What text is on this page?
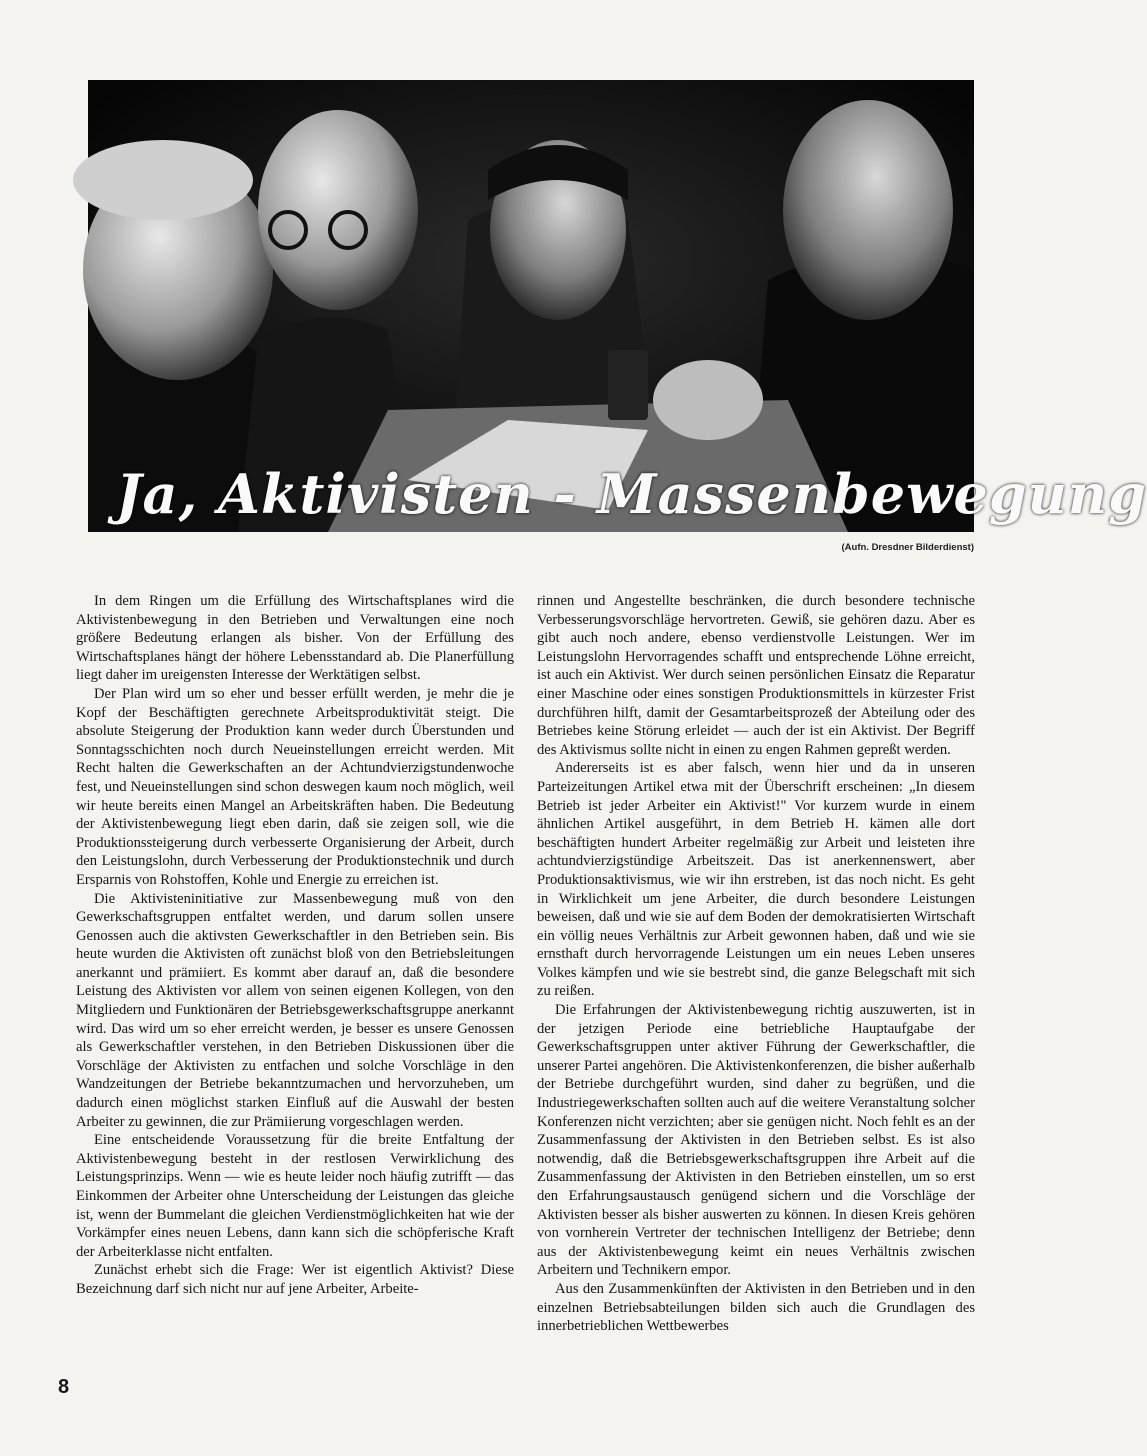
Ja, Aktivisten - Massenbewegung
(Aufn. Dresdner Bilderdienst)

In dem Ringen um die Erfüllung des Wirtschaftsplanes wird die Aktivistenbewegung in den Betrieben und Verwaltungen eine noch größere Bedeutung erlangen als bisher. Von der Erfüllung des Wirtschaftsplanes hängt der höhere Lebensstandard ab. Die Planerfüllung liegt daher im ureigensten Interesse der Werktätigen selbst.

Der Plan wird um so eher und besser erfüllt werden, je mehr die je Kopf der Beschäftigten gerechnete Arbeitsproduktivität steigt. Die absolute Steigerung der Produktion kann weder durch Überstunden und Sonntagsschichten noch durch Neueinstellungen erreicht werden. Mit Recht halten die Gewerkschaften an der Achtundvierzigstundenwoche fest, und Neueinstellungen sind schon deswegen kaum noch möglich, weil wir heute bereits einen Mangel an Arbeitskräften haben. Die Bedeutung der Aktivistenbewegung liegt eben darin, daß sie zeigen soll, wie die Produktionssteigerung durch verbesserte Organisierung der Arbeit, durch den Leistungslohn, durch Verbesserung der Produktionstechnik und durch Ersparnis von Rohstoffen, Kohle und Energie zu erreichen ist.

Die Aktivisteninitiative zur Massenbewegung muß von den Gewerkschaftsgruppen entfaltet werden, und darum sollen unsere Genossen auch die aktivsten Gewerkschaftler in den Betrieben sein. Bis heute wurden die Aktivisten oft zunächst bloß von den Betriebsleitungen anerkannt und prämiiert. Es kommt aber darauf an, daß die besondere Leistung des Aktivisten vor allem von seinen eigenen Kollegen, von den Mitgliedern und Funktionären der Betriebsgewerkschaftsgruppe anerkannt wird. Das wird um so eher erreicht werden, je besser es unsere Genossen als Gewerkschaftler verstehen, in den Betrieben Diskussionen über die Vorschläge der Aktivisten zu entfachen und solche Vorschläge in den Wandzeitungen der Betriebe bekanntzumachen und hervorzuheben, um dadurch einen möglichst starken Einfluß auf die Auswahl der besten Arbeiter zu gewinnen, die zur Prämiierung vorgeschlagen werden.

Eine entscheidende Voraussetzung für die breite Entfaltung der Aktivistenbewegung besteht in der restlosen Verwirklichung des Leistungsprinzips. Wenn — wie es heute leider noch häufig zutrifft — das Einkommen der Arbeiter ohne Unterscheidung der Leistungen das gleiche ist, wenn der Bummelant die gleichen Verdienstmöglichkeiten hat wie der Vorkämpfer eines neuen Lebens, dann kann sich die schöpferische Kraft der Arbeiterklasse nicht entfalten.

Zunächst erhebt sich die Frage: Wer ist eigentlich Aktivist? Diese Bezeichnung darf sich nicht nur auf jene Arbeiter, Arbeite-

rinnen und Angestellte beschränken, die durch besondere technische Verbesserungsvorschläge hervortreten. Gewiß, sie gehören dazu. Aber es gibt auch noch andere, ebenso verdienstvolle Leistungen. Wer im Leistungslohn Hervorragendes schafft und entsprechende Löhne erreicht, ist auch ein Aktivist. Wer durch seinen persönlichen Einsatz die Reparatur einer Maschine oder eines sonstigen Produktionsmittels in kürzester Frist durchführen hilft, damit der Gesamtarbeitsprozeß der Abteilung oder des Betriebes keine Störung erleidet — auch der ist ein Aktivist. Der Begriff des Aktivismus sollte nicht in einen zu engen Rahmen gepreßt werden.

Andererseits ist es aber falsch, wenn hier und da in unseren Parteizeitungen Artikel etwa mit der Überschrift erscheinen: „In diesem Betrieb ist jeder Arbeiter ein Aktivist!" Vor kurzem wurde in einem ähnlichen Artikel ausgeführt, in dem Betrieb H. kämen alle dort beschäftigten hundert Arbeiter regelmäßig zur Arbeit und leisteten ihre achtundvierzigstündige Arbeitszeit. Das ist anerkennenswert, aber Produktionsaktivismus, wie wir ihn erstreben, ist das noch nicht. Es geht in Wirklichkeit um jene Arbeiter, die durch besondere Leistungen beweisen, daß und wie sie auf dem Boden der demokratisierten Wirtschaft ein völlig neues Verhältnis zur Arbeit gewonnen haben, daß und wie sie ernsthaft durch hervorragende Leistungen um ein neues Leben unseres Volkes kämpfen und wie sie bestrebt sind, die ganze Belegschaft mit sich zu reißen.

Die Erfahrungen der Aktivistenbewegung richtig auszuwerten, ist in der jetzigen Periode eine betriebliche Hauptaufgabe der Gewerkschaftsgruppen unter aktiver Führung der Gewerkschaftler, die unserer Partei angehören. Die Aktivistenkonferenzen, die bisher außerhalb der Betriebe durchgeführt wurden, sind daher zu begrüßen, und die Industriegewerkschaften sollten auch auf die weitere Veranstaltung solcher Konferenzen nicht verzichten; aber sie genügen nicht. Noch fehlt es an der Zusammenfassung der Aktivisten in den Betrieben selbst. Es ist also notwendig, daß die Betriebsgewerkschaftsgruppen ihre Arbeit auf die Zusammenfassung der Aktivisten in den Betrieben einstellen, um so erst den Erfahrungsaustausch genügend sichern und die Vorschläge der Aktivisten besser als bisher auswerten zu können. In diesen Kreis gehören von vornherein Vertreter der technischen Intelligenz der Betriebe; denn aus der Aktivistenbewegung keimt ein neues Verhältnis zwischen Arbeitern und Technikern empor.

Aus den Zusammenkünften der Aktivisten in den Betrieben und in den einzelnen Betriebsabteilungen bilden sich auch die Grundlagen des innerbetrieblichen Wettbewerbes

8
